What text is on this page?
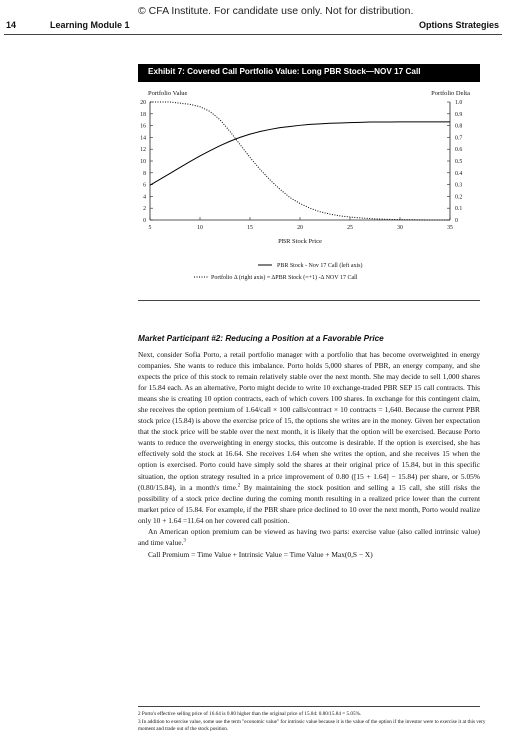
© CFA Institute. For candidate use only. Not for distribution.
14	Learning Module 1	Options Strategies
Exhibit 7: Covered Call Portfolio Value: Long PBR Stock—NOV 17 Call
Portfolio Value	Portfolio Delta
0
2
4
6
8
10
12
14
16
18
20
0
0.1
0.2
0.3
0.4
0.5
0.6
0.7
0.8
0.9
1.0
5	10	15	20	25	30	35
PBR Stock Price
PBR Stock - Nov 17 Call (left axis)
Portfolio Δ (right axis) = ΔPBR Stock (=+1) -Δ NOV 17 Call
Market Participant #2: Reducing a Position at a Favorable Price

Next, consider Sofia Porto, a retail portfolio manager with a portfolio that has become overweighted in energy companies. She wants to reduce this imbalance. Porto holds 5,000 shares of PBR, an energy company, and she expects the price of this stock to remain relatively stable over the next month. She may decide to sell 1,000 shares for 15.84 each. As an alternative, Porto might decide to write 10 exchange-traded PBR SEP 15 call contracts. This means she is creating 10 option contracts, each of which covers 100 shares. In exchange for this contingent claim, she receives the option premium of 1.64/call × 100 calls/contract × 10 contracts = 1,640. Because the current PBR stock price (15.84) is above the exercise price of 15, the options she writes are in the money. Given her expectation that the stock price will be stable over the next month, it is likely that the option will be exercised. Because Porto wants to reduce the overweighting in energy stocks, this outcome is desirable. If the option is exercised, she has effectively sold the stock at 16.64. She receives 1.64 when she writes the option, and she receives 15 when the option is exercised. Porto could have simply sold the shares at their original price of 15.84, but in this specific situation, the option strategy resulted in a price improvement of 0.80 ([15 + 1.64] − 15.84) per share, or 5.05% (0.80/15.84), in a month's time.$^2$ By maintaining the stock position and selling a 15 call, she still risks the possibility of a stock price decline during the coming month resulting in a realized price lower than the current market price of 15.84. For example, if the PBR share price declined to 10 over the next month, Porto would realize only 10 + 1.64 =11.64 on her covered call position.

An American option premium can be viewed as having two parts: exercise value (also called intrinsic value) and time value.$^3$

Call Premium = Time Value + Intrinsic Value = Time Value + Max(0,S − X)

2 Porto's effective selling price of 16.64 is 0.80 higher than the original price of 15.84: 0.80/15.84 = 5.05%.

3 In addition to exercise value, some use the term "economic value" for intrinsic value because it is the value of the option if the investor were to exercise it at this very moment and trade out of the stock position.
